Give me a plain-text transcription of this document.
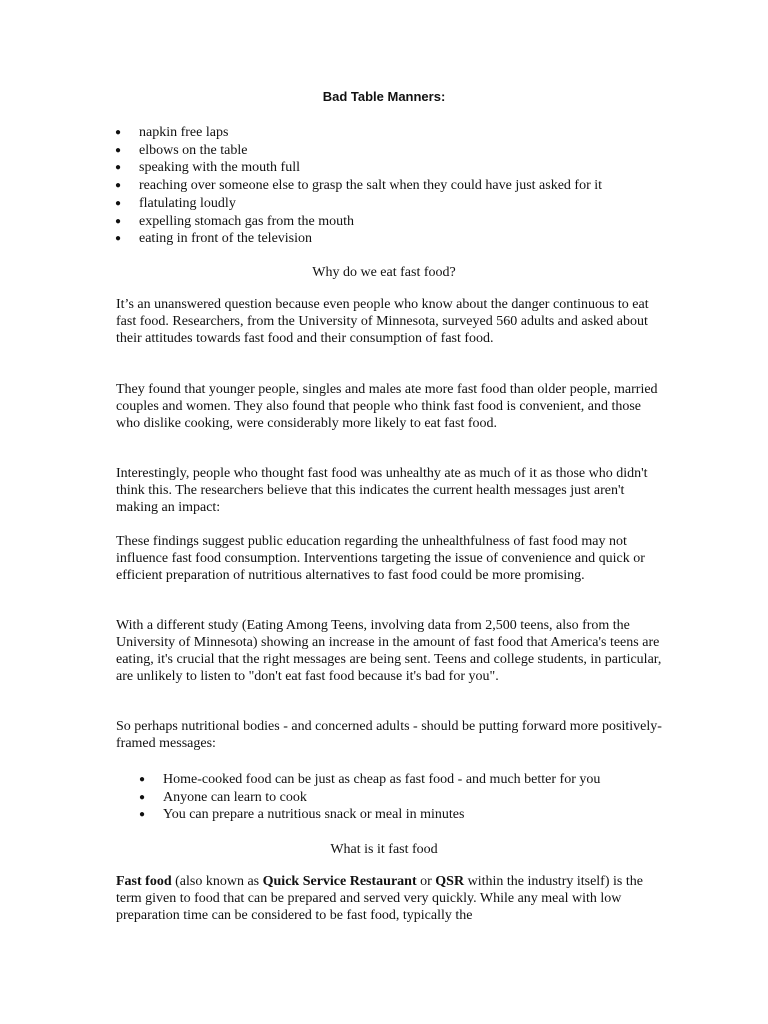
Bad Table Manners:
● napkin free laps
● elbows on the table
● speaking with the mouth full
● reaching over someone else to grasp the salt when they could have just asked for it
● flatulating loudly
● expelling stomach gas from the mouth
● eating in front of the television
Why do we eat fast food?

It’s an unanswered question because even people who know about the danger continuous to eat fast food. Researchers, from the University of Minnesota, surveyed 560 adults and asked about their attitudes towards fast food and their consumption of fast food.

They found that younger people, singles and males ate more fast food than older people, married couples and women. They also found that people who think fast food is convenient, and those who dislike cooking, were considerably more likely to eat fast food.

Interestingly, people who thought fast food was unhealthy ate as much of it as those who didn't think this. The researchers believe that this indicates the current health messages just aren't making an impact:

These findings suggest public education regarding the unhealthfulness of fast food may not influence fast food consumption. Interventions targeting the issue of convenience and quick or efficient preparation of nutritious alternatives to fast food could be more promising.

With a different study (Eating Among Teens, involving data from 2,500 teens, also from the University of Minnesota) showing an increase in the amount of fast food that America's teens are eating, it's crucial that the right messages are being sent. Teens and college students, in particular, are unlikely to listen to "don't eat fast food because it's bad for you".

So perhaps nutritional bodies - and concerned adults - should be putting forward more positively-framed messages:

● Home-cooked food can be just as cheap as fast food - and much better for you
● Anyone can learn to cook
● You can prepare a nutritious snack or meal in minutes
What is it fast food

Fast food (also known as Quick Service Restaurant or QSR within the industry itself) is the term given to food that can be prepared and served very quickly. While any meal with low preparation time can be considered to be fast food, typically the
